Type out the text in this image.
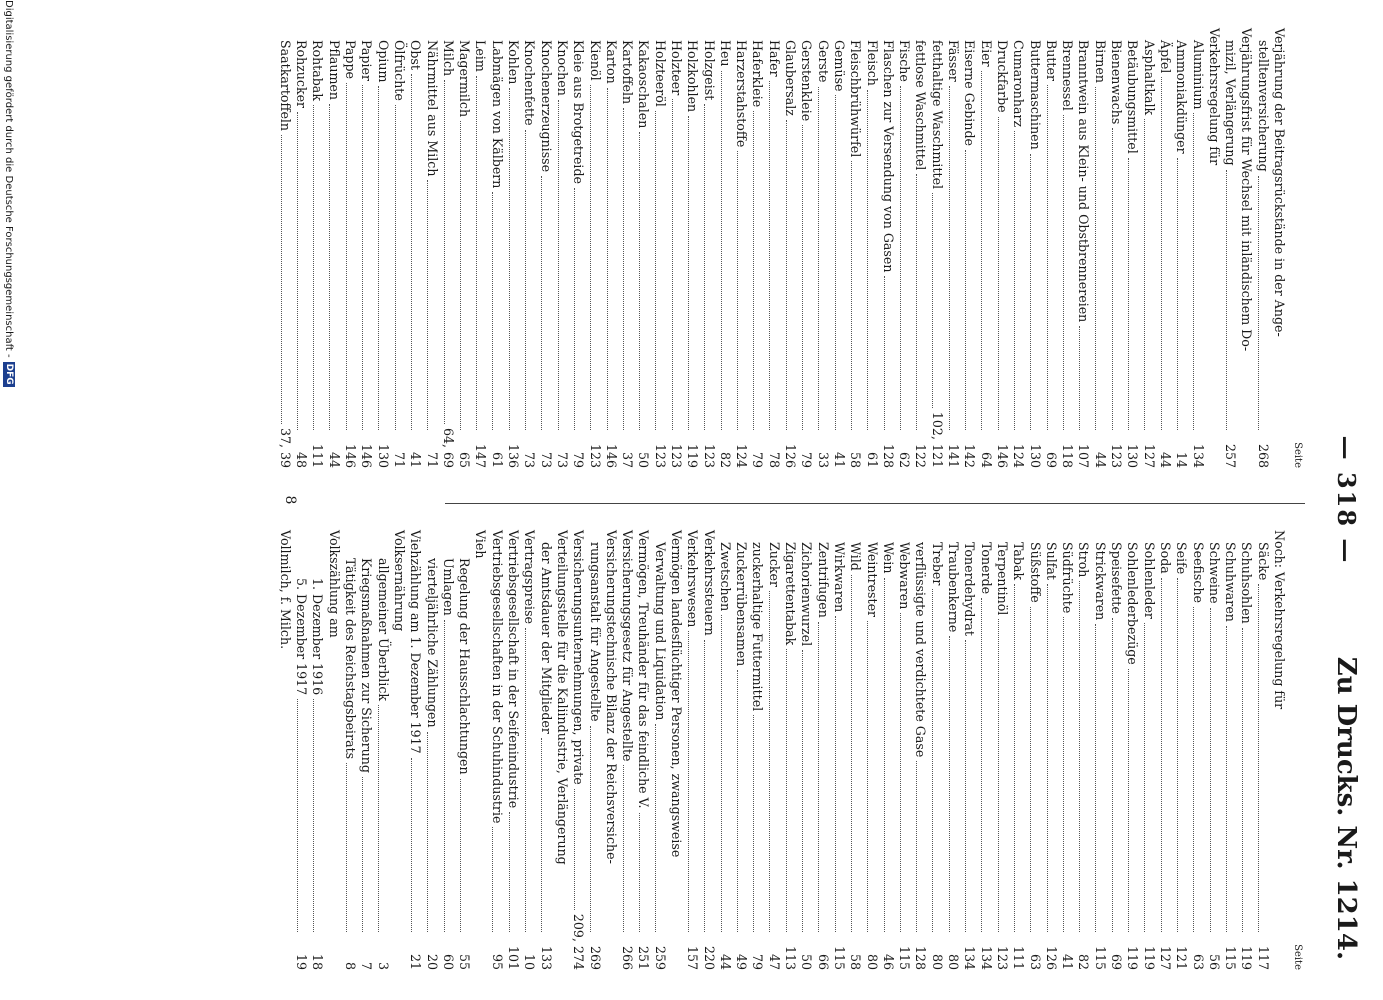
— 318 —
Zu Drucks. Nr. 1214.
Seite
Verjährung der Beitragsrückstände in der Ange-
stelltenversicherung
268
Verjährungsfrist für Wechsel mit inländischem Do-
mizil, Verlängerung
257
Verkehrsregelung für
Aluminium
134
Ammoniakdünger
14
Äpfel
44
Asphaltkalk
127
Betäubungsmittel
130
Bienenwachs
123
Birnen
44
Branntwein aus Klein- und Obstbrennereien
107
Brennessel
118
Butter
69
Buttermaschinen
130
Cumaronharz
124
Druckfarbe
146
Eier
64
Eiserne Gebinde
142
Fässer
141
fetthaltige Waschmittel
102, 121
fettlose Waschmittel
122
Fische
62
Flaschen zur Versendung von Gasen
128
Fleisch
61
Fleischbrühwürfel
58
Gemüse
41
Gerste
33
Gerstenkleie
79
Glaubersalz
126
Hafer
78
Haferkleie
79
Harzerstahstoffe
124
Heu
82
Holzgeist
123
Holzkohlen
119
Holzteer
123
Holzteeröl
123
Kakaoschalen
50
Kartoffeln
37
Karton
146
Kienöl
123
Kleie aus Brotgetreide
79
Knochen
73
Knochenerzeugnisse
73
Knochenfette
73
Kohlen
136
Labmägen von Kälbern
61
Leim
147
Magermilch
65
Milch
64, 69
Nährmittel aus Milch
71
Obst
41
Ölfrüchte
71
Opium
130
Papier
146
Pappe
146
Pflaumen
44
Rohtabak
111
Rohzucker
48
Saatkartoffeln
37, 39
Seite
Noch: Verkehrsregelung für
Säcke
117
Schuhsohlen
119
Schuhwaren
115
Schweine
56
Seefische
63
Seife
121
Soda
127
Sohlenleder
119
Sohlenlederbezüge
119
Speisefette
69
Strickwaren
115
Stroh
82
Südfrüchte
41
Sulfat
126
Süßstoffe
63
Tabak
111
Terpentinöl
123
Tonerde
134
Tonerdehydrat
134
Traubenkerne
80
Treber
80
verflüssigte und verdichtete Gase
128
Webwaren
115
Wein
46
Weintrester
80
Wild
58
Wirkwaren
115
Zentrifugen
66
Zichorienwurzel
50
Zigarettentabak
113
Zucker
47
zuckerhaltige Futtermittel
79
Zuckerrübensamen
49
Zwetschen
44
Verkehrssteuern
220
Verkehrswesen
157
Vermögen landesflüchtiger Personen, zwangsweise
Verwaltung und Liquidation
259
Vermögen, Treuhänder für das feindliche V.
251
Versicherungsgesetz für Angestellte
266
Versicherungstechnische Bilanz der Reichsversiche-
rungsanstalt für Angestellte
269
Versicherungsunternehmungen, private
209, 274
Verteilungsstelle für die Kaliindustrie, Verlängerung
der Amtsdauer der Mitglieder
133
Vertragspreise
10
Vertriebsgesellschaft in der Seifenindustrie
101
Vertriebsgesellschaften in der Schuhindustrie
95
Vieh
Regelung der Hausschlachtungen
55
Umlagen
60
vierteljährliche Zählungen
20
Viehzählung am 1. Dezember 1917
21
Volksernährung
allgemeiner Überblick
3
Kriegsmaßnahmen zur Sicherung
7
Tätigkeit des Reichstagsbeirats
8
Volkszählung am
1. Dezember 1916
18
5. Dezember 1917
19
Vollmilch, f. Milch.
8
Digitalisierung gefördert durch die Deutsche Forschungsgemeinschaft -
DFG
